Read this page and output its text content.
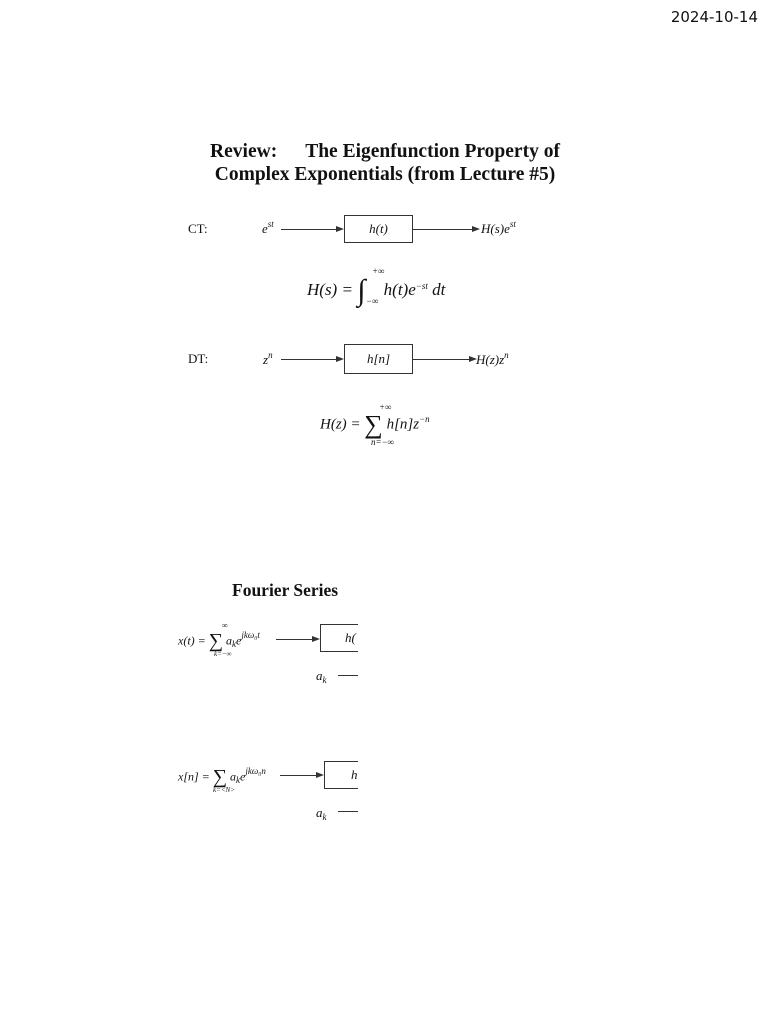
2024-10-14
Review: The Eigenfunction Property of
Complex Exponentials (from Lecture #5)
CT:	$e^{st}$	h(t)	$H(s)e^{st}$
H(s) = ∫ $h(t)e^{-st}$ dt
+∞
−∞
DT:	$z^n$	h[n]	$H(z)z^n$
H(z) = ∑ $h[n]z^{-n}$
+∞
n=−∞
Fourier Series
x(t) = ∑ $a_ke^{jk\omega_0t}$
∞
k=−∞
h(
$a_k$
x[n] = ∑ $a_ke^{jk\omega_0n}$
k=<N>
h
$a_k$
